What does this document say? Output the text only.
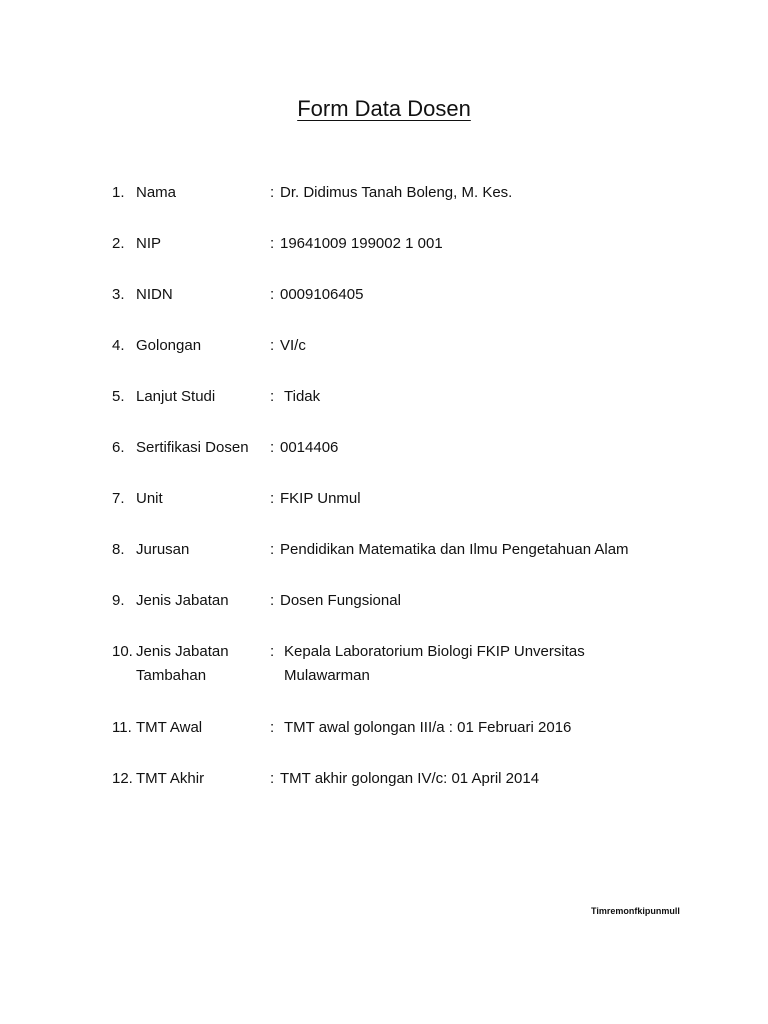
Form Data Dosen
1. Nama	: Dr. Didimus Tanah Boleng, M. Kes.
2. NIP	: 19641009 199002 1 001
3. NIDN	: 0009106405
4. Golongan	: VI/c
5. Lanjut Studi	: Tidak
6. Sertifikasi Dosen	: 0014406
7. Unit	: FKIP Unmul
8. Jurusan	: Pendidikan Matematika dan Ilmu Pengetahuan Alam
9. Jenis Jabatan	: Dosen Fungsional
10. Jenis Jabatan Tambahan
: Kepala Laboratorium Biologi FKIP Unversitas Mulawarman
11. TMT Awal	: TMT awal golongan III/a : 01 Februari 2016
12. TMT Akhir	: TMT akhir golongan IV/c: 01 April 2014
Timremonfkipunmull
